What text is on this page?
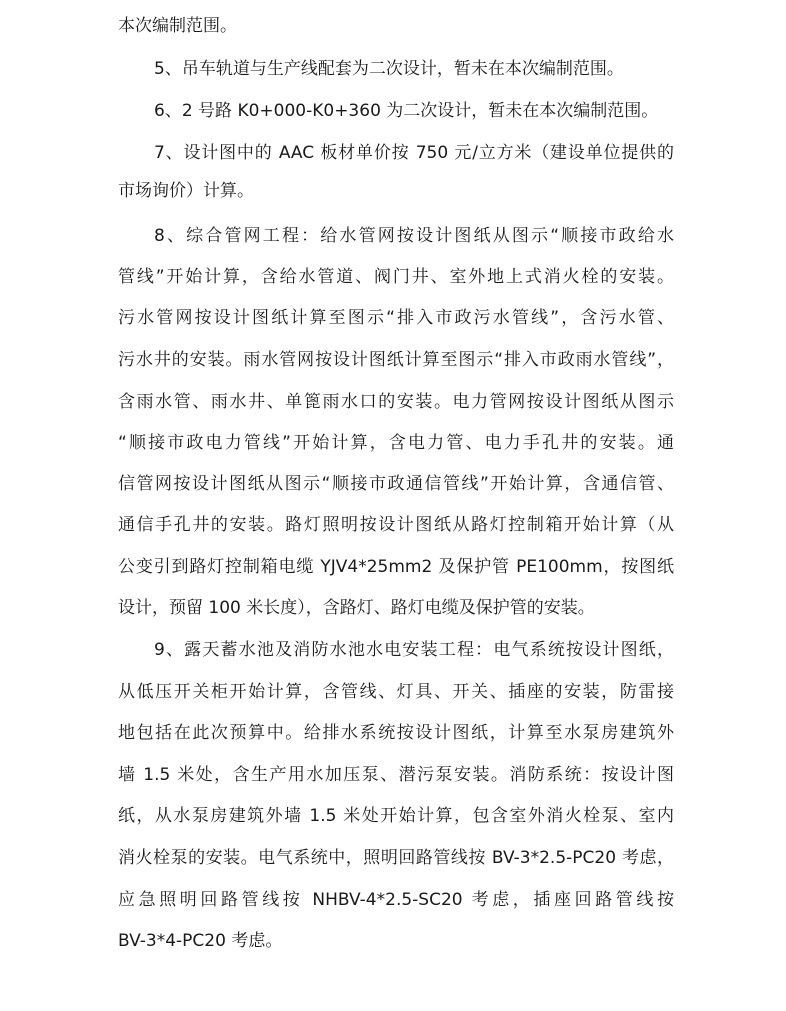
本次编制范围。
5、吊车轨道与生产线配套为二次设计，暂未在本次编制范围。
6、2 号路 K0+000-K0+360 为二次设计，暂未在本次编制范围。
7、设计图中的 AAC 板材单价按 750 元/立方米（建设单位提供的
市场询价）计算。
8、综合管网工程：给水管网按设计图纸从图示“顺接市政给水
管线”开始计算，含给水管道、阀门井、室外地上式消火栓的安装。
污水管网按设计图纸计算至图示“排入市政污水管线”，含污水管、
污水井的安装。雨水管网按设计图纸计算至图示“排入市政雨水管线”，
含雨水管、雨水井、单篦雨水口的安装。电力管网按设计图纸从图示
“顺接市政电力管线”开始计算，含电力管、电力手孔井的安装。通
信管网按设计图纸从图示“顺接市政通信管线”开始计算，含通信管、
通信手孔井的安装。路灯照明按设计图纸从路灯控制箱开始计算（从
公变引到路灯控制箱电缆 YJV4*25mm2 及保护管 PE100mm，按图纸
设计，预留 100 米长度），含路灯、路灯电缆及保护管的安装。
9、露天蓄水池及消防水池水电安装工程：电气系统按设计图纸，
从低压开关柜开始计算，含管线、灯具、开关、插座的安装，防雷接
地包括在此次预算中。给排水系统按设计图纸，计算至水泵房建筑外
墙 1.5 米处，含生产用水加压泵、潜污泵安装。消防系统：按设计图
纸，从水泵房建筑外墙 1.5 米处开始计算，包含室外消火栓泵、室内
消火栓泵的安装。电气系统中，照明回路管线按 BV-3*2.5-PC20 考虑，
应急照明回路管线按 NHBV-4*2.5-SC20 考虑，插座回路管线按
BV-3*4-PC20 考虑。
